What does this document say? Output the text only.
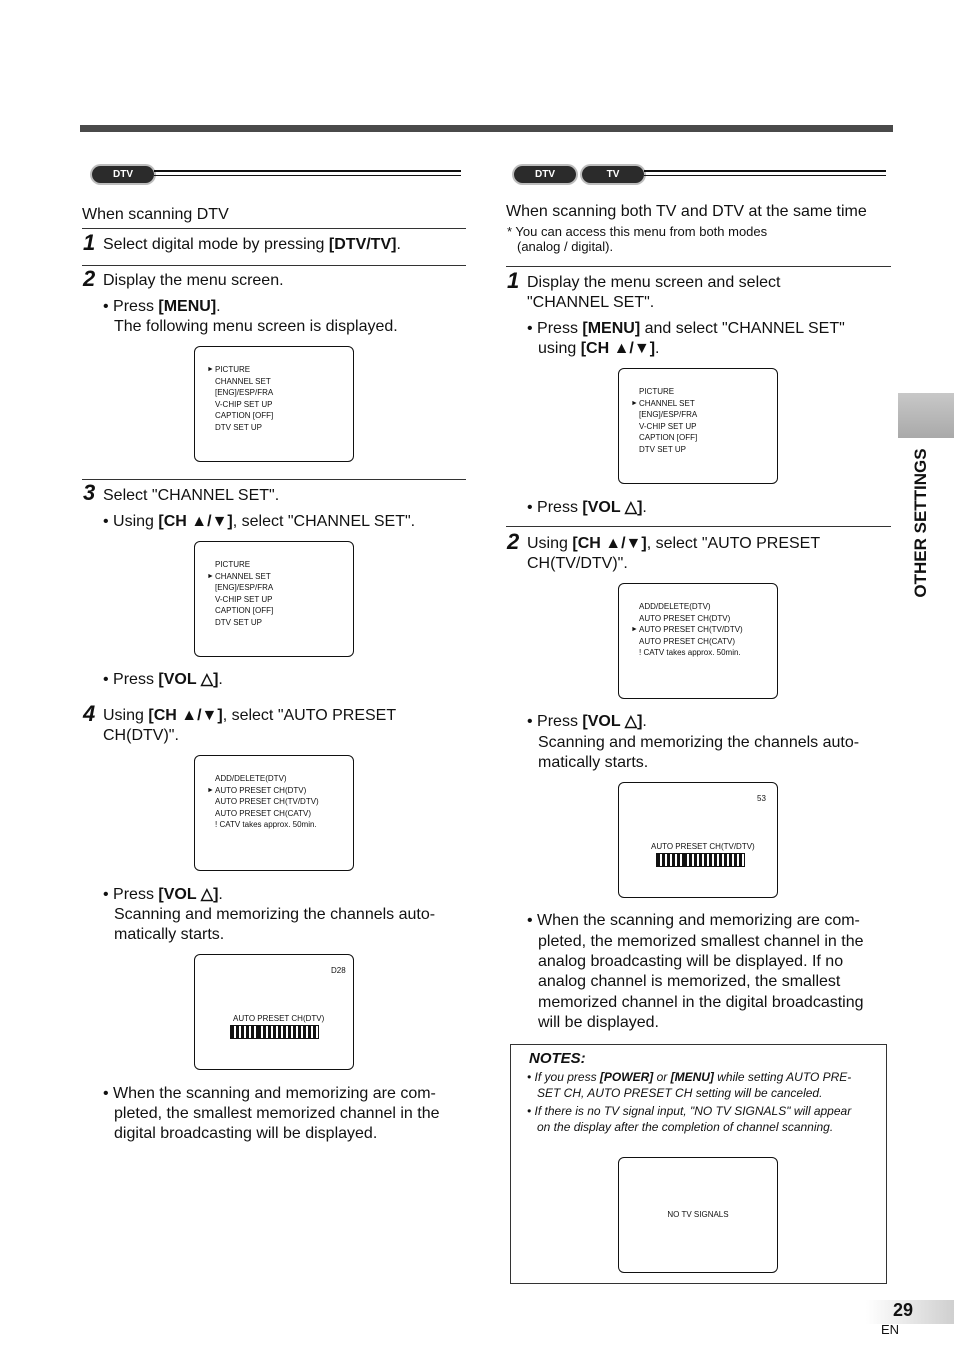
OTHER SETTINGS
DTV
When scanning DTV
1 Select digital mode by pressing [DTV/TV].
2 Display the menu screen.
• Press [MENU].
The following menu screen is displayed.
► PICTURE
CHANNEL SET
[ENG]/ESP/FRA
V-CHIP SET UP
CAPTION [OFF]
DTV SET UP
3 Select "CHANNEL SET".
• Using [CH ▲/▼], select "CHANNEL SET".
PICTURE
► CHANNEL SET
[ENG]/ESP/FRA
V-CHIP SET UP
CAPTION [OFF]
DTV SET UP
• Press [VOL △].
4 Using [CH ▲/▼], select "AUTO PRESET
CH(DTV)".
ADD/DELETE(DTV)
► AUTO PRESET CH(DTV)
AUTO PRESET CH(TV/DTV)
AUTO PRESET CH(CATV)
! CATV takes approx. 50min.
• Press [VOL △].
Scanning and memorizing the channels auto-
matically starts.
D28
AUTO PRESET CH(DTV)
• When the scanning and memorizing are com-
pleted, the smallest memorized channel in the
digital broadcasting will be displayed.
DTV	TV
When scanning both TV and DTV at the same time
* You can access this menu from both modes
(analog / digital).
1 Display the menu screen and select
"CHANNEL SET".
• Press [MENU] and select "CHANNEL SET"
using [CH ▲/▼].
PICTURE
► CHANNEL SET
[ENG]/ESP/FRA
V-CHIP SET UP
CAPTION [OFF]
DTV SET UP
• Press [VOL △].
2 Using [CH ▲/▼], select "AUTO PRESET
CH(TV/DTV)".
ADD/DELETE(DTV)
AUTO PRESET CH(DTV)
► AUTO PRESET CH(TV/DTV)
AUTO PRESET CH(CATV)
! CATV takes approx. 50min.
• Press [VOL △].
Scanning and memorizing the channels auto-
matically starts.
53
AUTO PRESET CH(TV/DTV)
• When the scanning and memorizing are com-
pleted, the memorized smallest channel in the
analog broadcasting will be displayed. If no
analog channel is memorized, the smallest
memorized channel in the digital broadcasting
will be displayed.
NOTES:
• If you press [POWER] or [MENU] while setting AUTO PRE-
SET CH, AUTO PRESET CH setting will be canceled.
• If there is no TV signal input, "NO TV SIGNALS" will appear
on the display after the completion of channel scanning.
NO TV SIGNALS
29
EN
